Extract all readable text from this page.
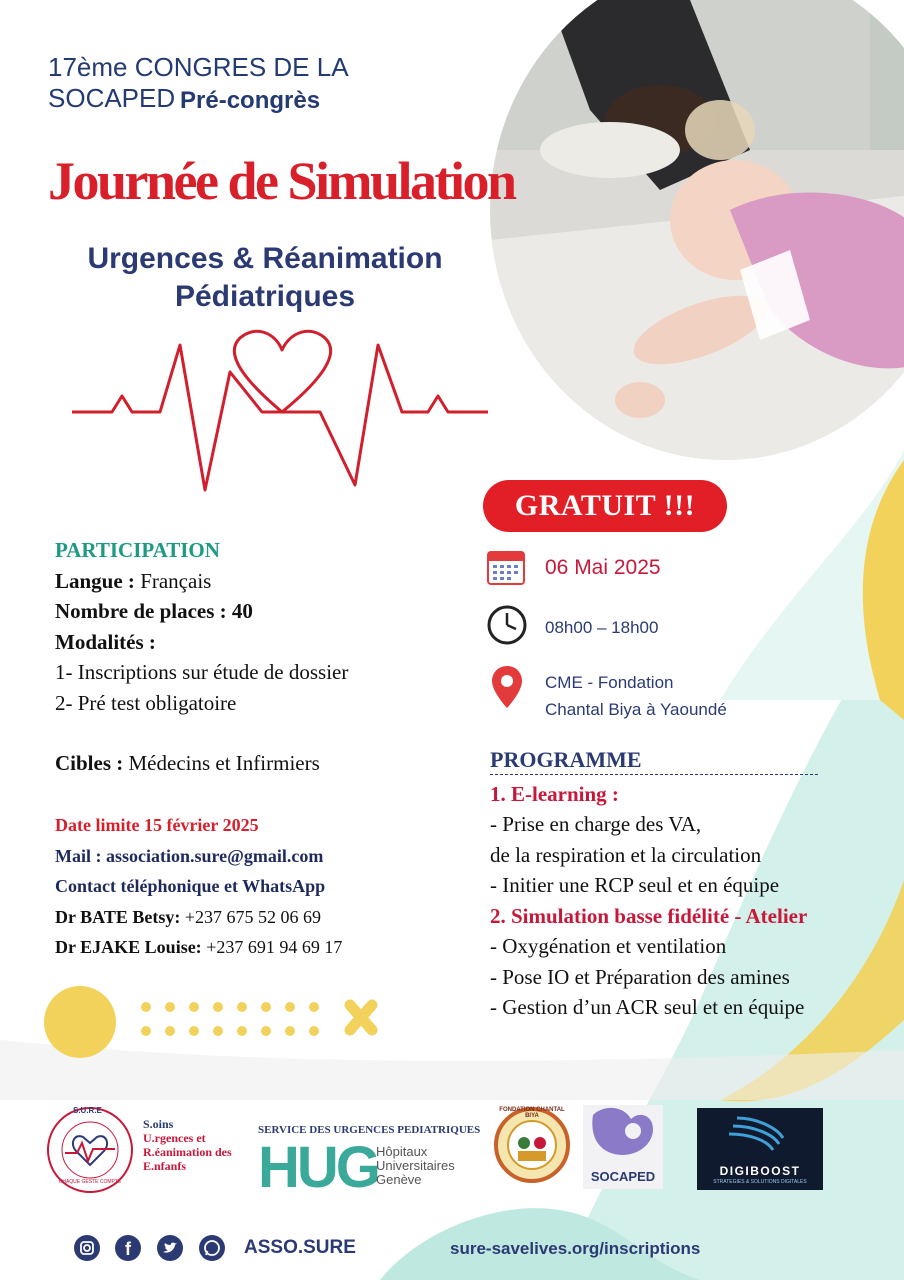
17ème CONGRES DE LA SOCAPED Pré-congrès
Journée de Simulation
Urgences & Réanimation
Pédiatriques
GRATUIT !!!
06 Mai 2025
08h00 – 18h00
CME - Fondation
Chantal Biya à Yaoundé
PARTICIPATION
Langue : Français
Nombre de places : 40
Modalités :
1- Inscriptions sur étude de dossier
2- Pré test obligatoire
Cibles : Médecins et Infirmiers
Date limite 15 février 2025
Mail : association.sure@gmail.com
Contact téléphonique et WhatsApp
Dr BATE Betsy: +237 675 52 06 69
Dr EJAKE Louise: +237 691 94 69 17
PROGRAMME
1. E-learning :
- Prise en charge des VA,
de la respiration et la circulation
- Initier une RCP seul et en équipe
2. Simulation basse fidélité - Atelier
- Oxygénation et ventilation
- Pose IO et Préparation des amines
- Gestion d’un ACR seul et en équipe
S.U.R.E
CHAQUE GESTE COMPTE
S.oins
U.rgences et
R.éanimation des
E.nfanfs
SERVICE DES URGENCES PEDIATRIQUES
HUG
Hôpitaux
Universitaires
Genève
FONDATION CHANTAL BIYA
SOCAPED	DIGIBOOST
STRATEGIES & SOLUTIONS DIGITALES
f	ASSO.SURE	sure-savelives.org/inscriptions
